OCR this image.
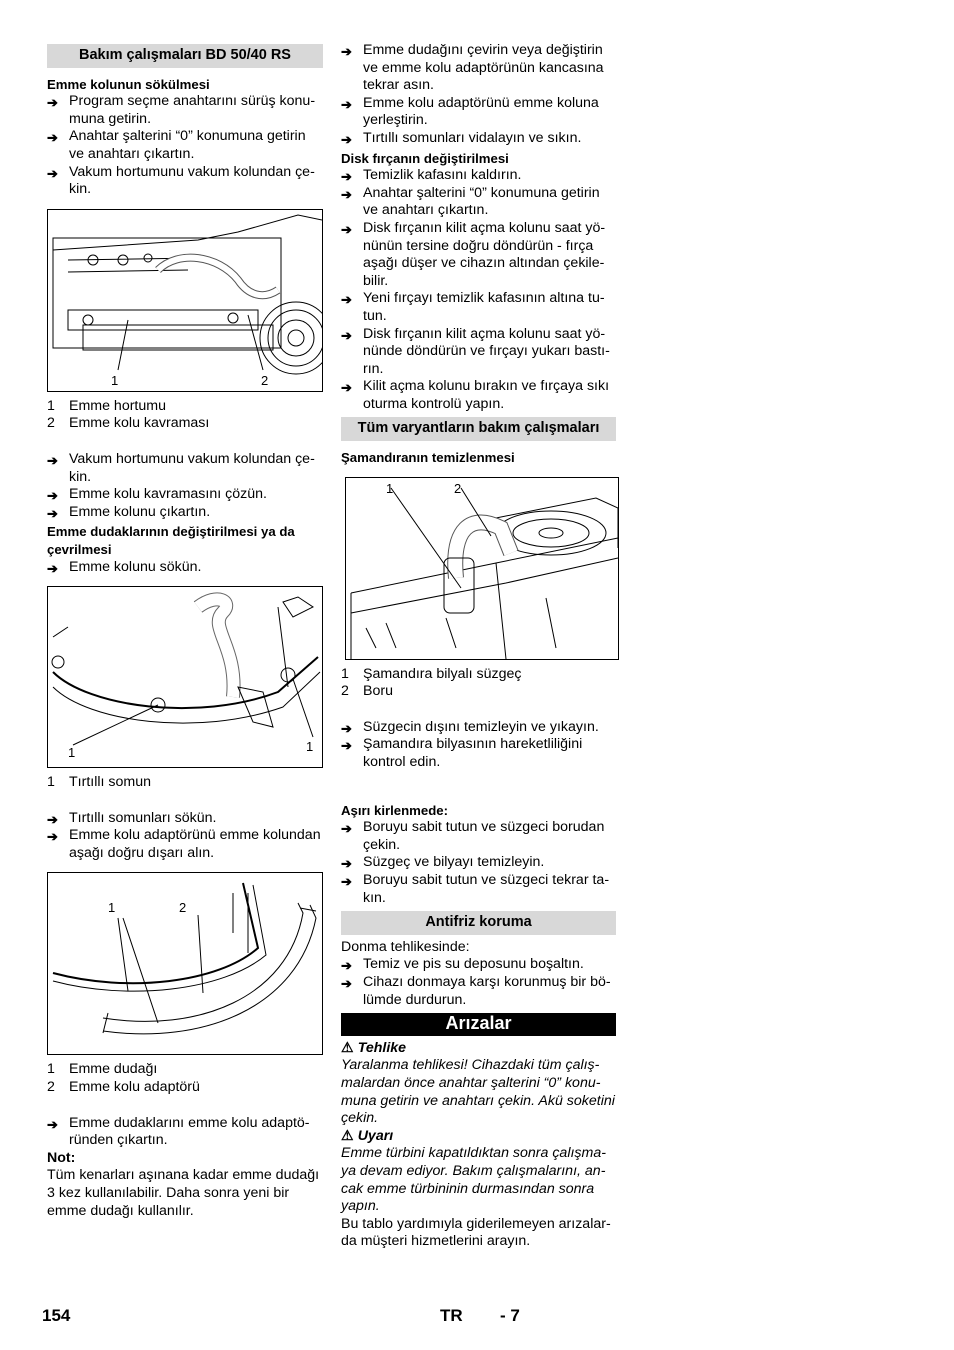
Bakım çalışmaları BD 50/40 RS
Emme kolunun sökülmesi
➔ Program seçme anahtarını sürüş konumuna getirin.
➔ Anahtar şalterini “0” konumuna getirin ve anahtarı çıkartın.
➔ Vakum hortumunu vakum kolundan çekin.
1	2
1 Emme hortumu
2 Emme kolu kavraması
➔ Vakum hortumunu vakum kolundan çekin.
➔ Emme kolu kavramasını çözün.
➔ Emme kolunu çıkartın.
Emme dudaklarının değiştirilmesi ya da çevrilmesi
➔ Emme kolunu sökün.
1	1
1 Tırtıllı somun
➔ Tırtıllı somunları sökün.
➔ Emme kolu adaptörünü emme kolundan aşağı doğru dışarı alın.
1	2
1 Emme dudağı
2 Emme kolu adaptörü
➔ Emme dudaklarını emme kolu adaptöründen çıkartın.
Not:
Tüm kenarları aşınana kadar emme dudağı 3 kez kullanılabilir. Daha sonra yeni bir emme dudağı kullanılır.
➔ Emme dudağını çevirin veya değiştirin ve emme kolu adaptörünün kancasına tekrar asın.
➔ Emme kolu adaptörünü emme koluna yerleştirin.
➔ Tırtıllı somunları vidalayın ve sıkın.
Disk fırçanın değiştirilmesi
➔ Temizlik kafasını kaldırın.
➔ Anahtar şalterini “0” konumuna getirin ve anahtarı çıkartın.
➔ Disk fırçanın kilit açma kolunu saat yönünün tersine doğru döndürün - fırça aşağı düşer ve cihazın altından çekilebilir.
➔ Yeni fırçayı temizlik kafasının altına tutun.
➔ Disk fırçanın kilit açma kolunu saat yönünde döndürün ve fırçayı yukarı bastırın.
➔ Kilit açma kolunu bırakın ve fırçaya sıkı oturma kontrolü yapın.
Tüm varyantların bakım çalışmaları
Şamandıranın temizlenmesi
1	2
1 Şamandıra bilyalı süzgeç
2 Boru
➔ Süzgecin dışını temizleyin ve yıkayın.
➔ Şamandıra bilyasının hareketliliğini kontrol edin.
Aşırı kirlenmede:
➔ Boruyu sabit tutun ve süzgeci borudan çekin.
➔ Süzgeç ve bilyayı temizleyin.
➔ Boruyu sabit tutun ve süzgeci tekrar takın.
Antifriz koruma
Donma tehlikesinde:
➔ Temiz ve pis su deposunu boşaltın.
➔ Cihazı donmaya karşı korunmuş bir bölümde durdurun.
Arızalar
⚠ Tehlike
Yaralanma tehlikesi! Cihazdaki tüm çalışmalardan önce anahtar şalterini “0” konumuna getirin ve anahtarı çekin. Akü soketini çekin.
⚠ Uyarı
Emme türbini kapatıldıktan sonra çalışmaya devam ediyor. Bakım çalışmalarını, ancak emme türbininin durmasından sonra yapın.
Bu tablo yardımıyla giderilemeyen arızalarda müşteri hizmetlerini arayın.
154	TR - 7
